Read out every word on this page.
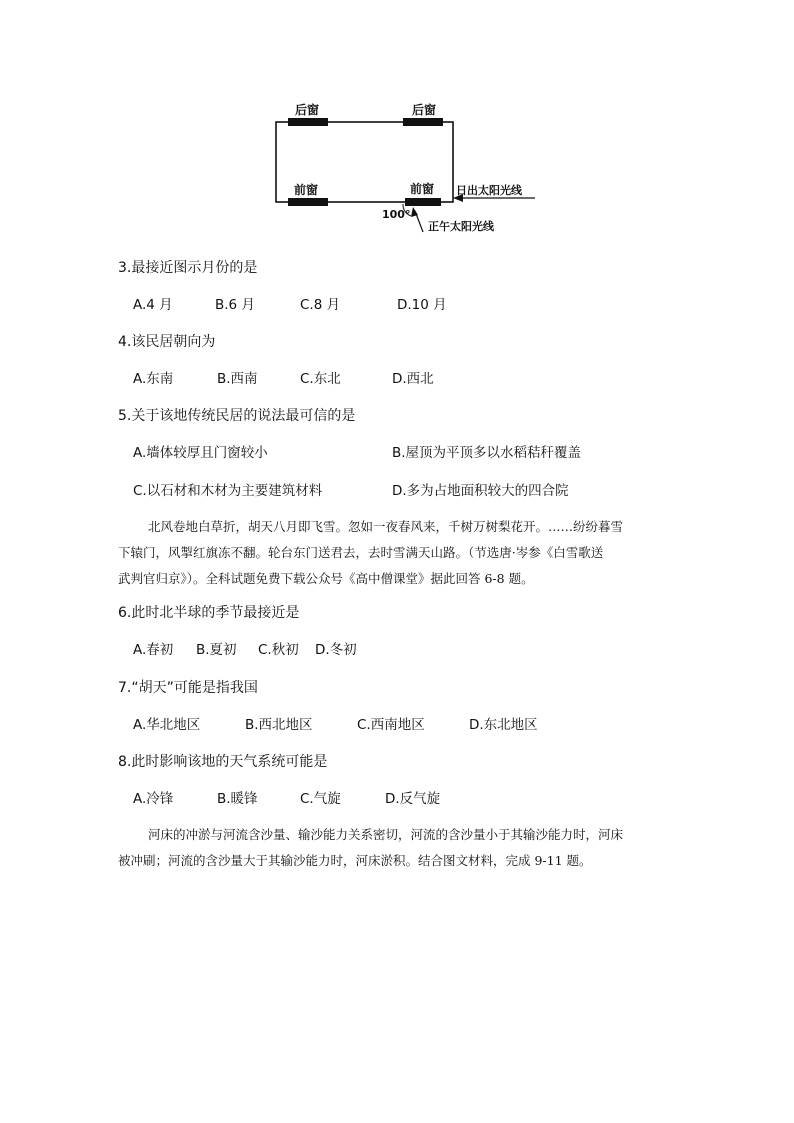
后窗	后窗
前窗	前窗 日出太阳光线
100°
正午太阳光线
3.最接近图示月份的是
A.4 月	B.6 月	C.8 月	D.10 月
4.该民居朝向为
A.东南	B.西南	C.东北	D.西北
5.关于该地传统民居的说法最可信的是
A.墙体较厚且门窗较小	B.屋顶为平顶多以水稻秸秆覆盖
C.以石材和木材为主要建筑材料	D.多为占地面积较大的四合院

北风卷地白草折，胡天八月即飞雪。忽如一夜春风来，千树万树梨花开。……纷纷暮雪

下辕门，风掣红旗冻不翻。轮台东门送君去，去时雪满天山路。（节选唐·岑参《白雪歌送

武判官归京》）。全科试题免费下载公众号《高中僧课堂》据此回答 6-8 题。

6.此时北半球的季节最接近是
A.春初 B.夏初 C.秋初 D.冬初
7.“胡天”可能是指我国
A.华北地区	B.西北地区	C.西南地区	D.东北地区
8.此时影响该地的天气系统可能是
A.冷锋	B.暖锋	C.气旋	D.反气旋

河床的冲淤与河流含沙量、输沙能力关系密切，河流的含沙量小于其输沙能力时，河床

被冲刷；河流的含沙量大于其输沙能力时，河床淤积。结合图文材料，完成 9-11 题。
